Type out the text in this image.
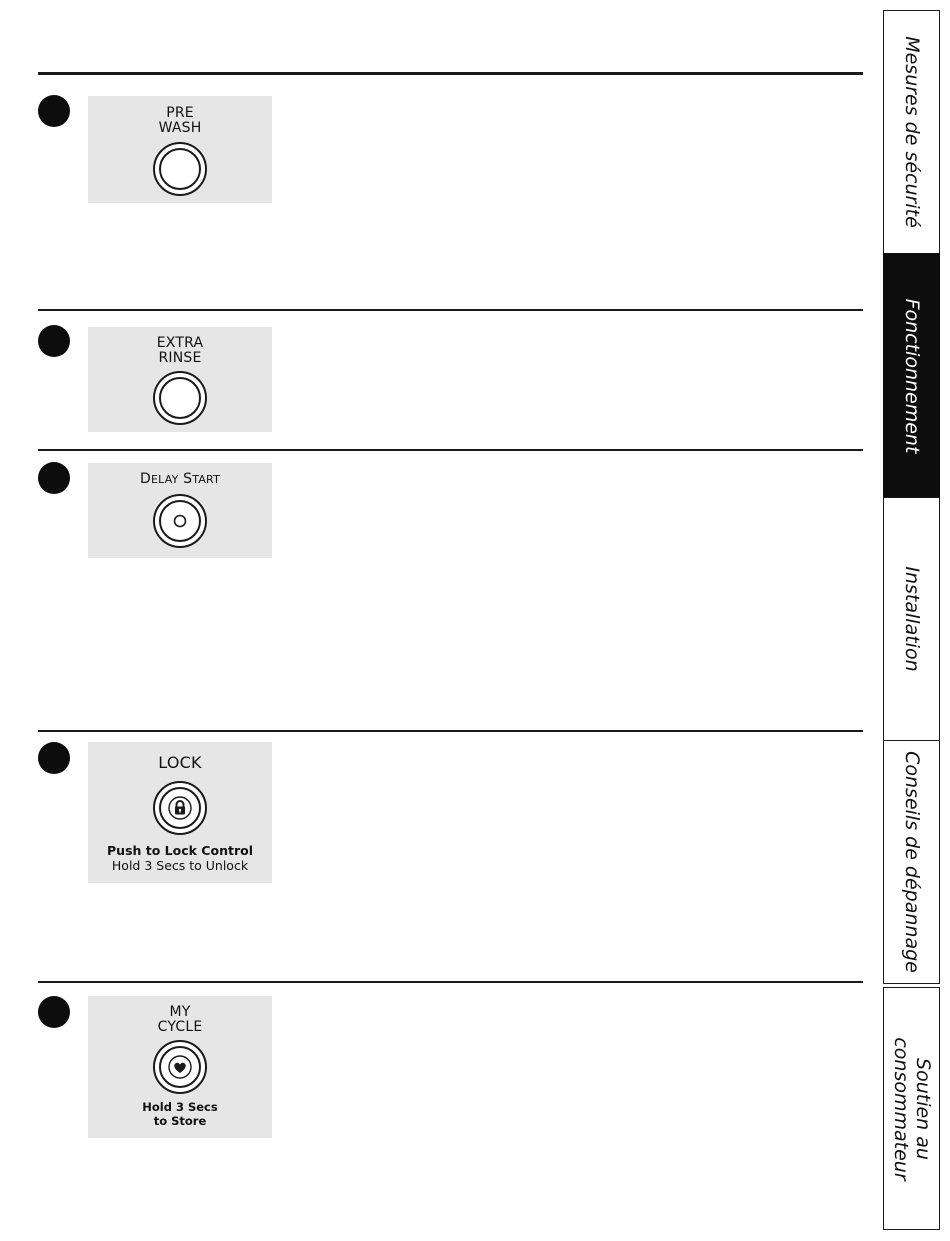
PRE
WASH
EXTRA
RINSE
DELAY START
LOCK
Push to Lock Control
Hold 3 Secs to Unlock
MY
CYCLE
Hold 3 Secs
to Store
Mesures de sécurité
Fonctionnement
Installation
Conseils de dépannage
Soutien au
consommateur
